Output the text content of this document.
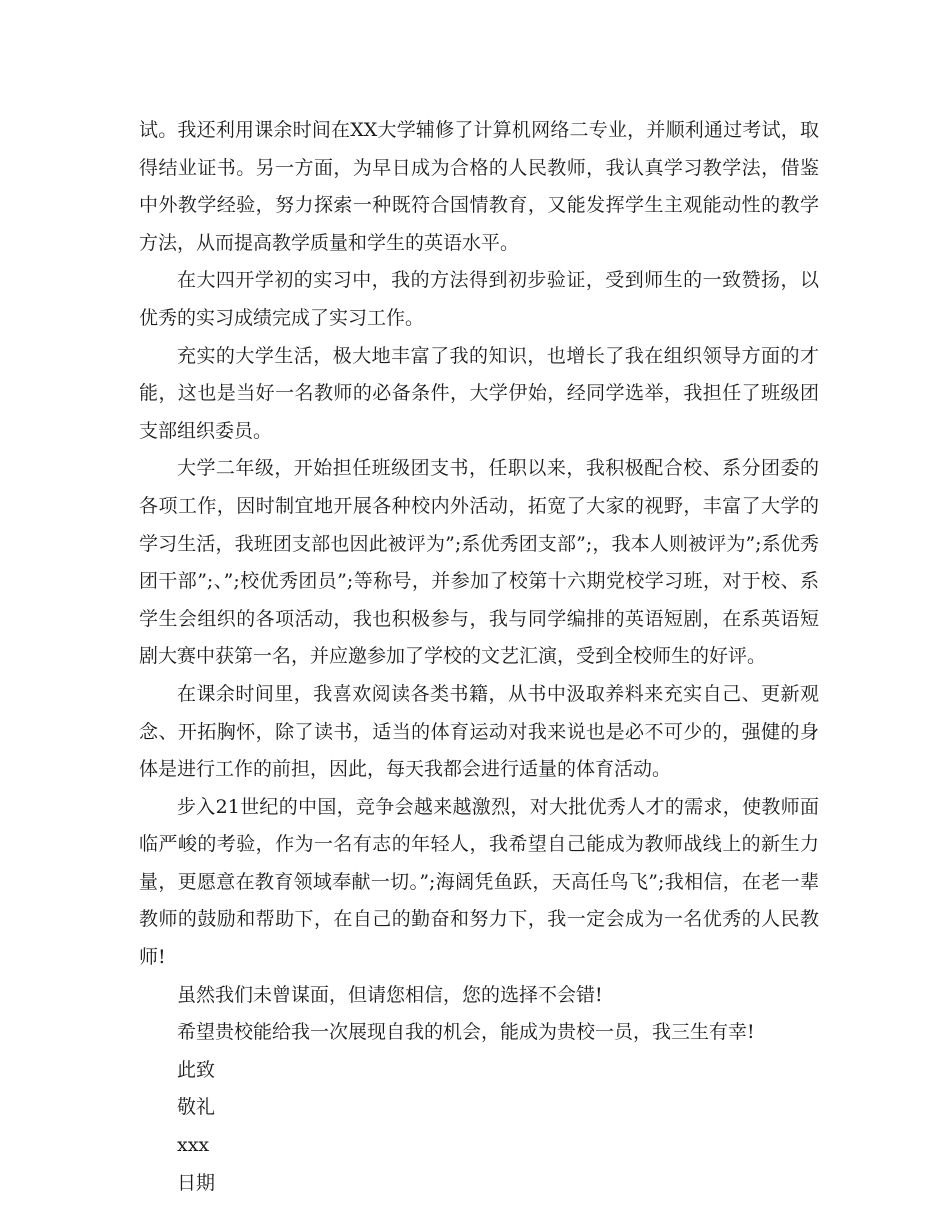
试。我还利用课余时间在XX大学辅修了计算机网络二专业，并顺利通过考试，取得结业证书。另一方面，为早日成为合格的人民教师，我认真学习教学法，借鉴中外教学经验，努力探索一种既符合国情教育，又能发挥学生主观能动性的教学方法，从而提高教学质量和学生的英语水平。

在大四开学初的实习中，我的方法得到初步验证，受到师生的一致赞扬，以优秀的实习成绩完成了实习工作。

充实的大学生活，极大地丰富了我的知识，也增长了我在组织领导方面的才能，这也是当好一名教师的必备条件，大学伊始，经同学选举，我担任了班级团支部组织委员。

大学二年级，开始担任班级团支书，任职以来，我积极配合校、系分团委的各项工作，因时制宜地开展各种校内外活动，拓宽了大家的视野，丰富了大学的学习生活，我班团支部也因此被评为”;系优秀团支部”;，我本人则被评为”;系优秀团干部”;、”;校优秀团员”;等称号，并参加了校第十六期党校学习班，对于校、系学生会组织的各项活动，我也积极参与，我与同学编排的英语短剧，在系英语短剧大赛中获第一名，并应邀参加了学校的文艺汇演，受到全校师生的好评。

在课余时间里，我喜欢阅读各类书籍，从书中汲取养料来充实自己、更新观念、开拓胸怀，除了读书，适当的体育运动对我来说也是必不可少的，强健的身体是进行工作的前担，因此，每天我都会进行适量的体育活动。

步入21世纪的中国，竞争会越来越激烈，对大批优秀人才的需求，使教师面临严峻的考验，作为一名有志的年轻人，我希望自己能成为教师战线上的新生力量，更愿意在教育领域奉献一切。”;海阔凭鱼跃，天高任鸟飞”;我相信，在老一辈教师的鼓励和帮助下，在自己的勤奋和努力下，我一定会成为一名优秀的人民教师!

虽然我们未曾谋面，但请您相信，您的选择不会错!

希望贵校能给我一次展现自我的机会，能成为贵校一员，我三生有幸!

此致

敬礼

xxx

日期
